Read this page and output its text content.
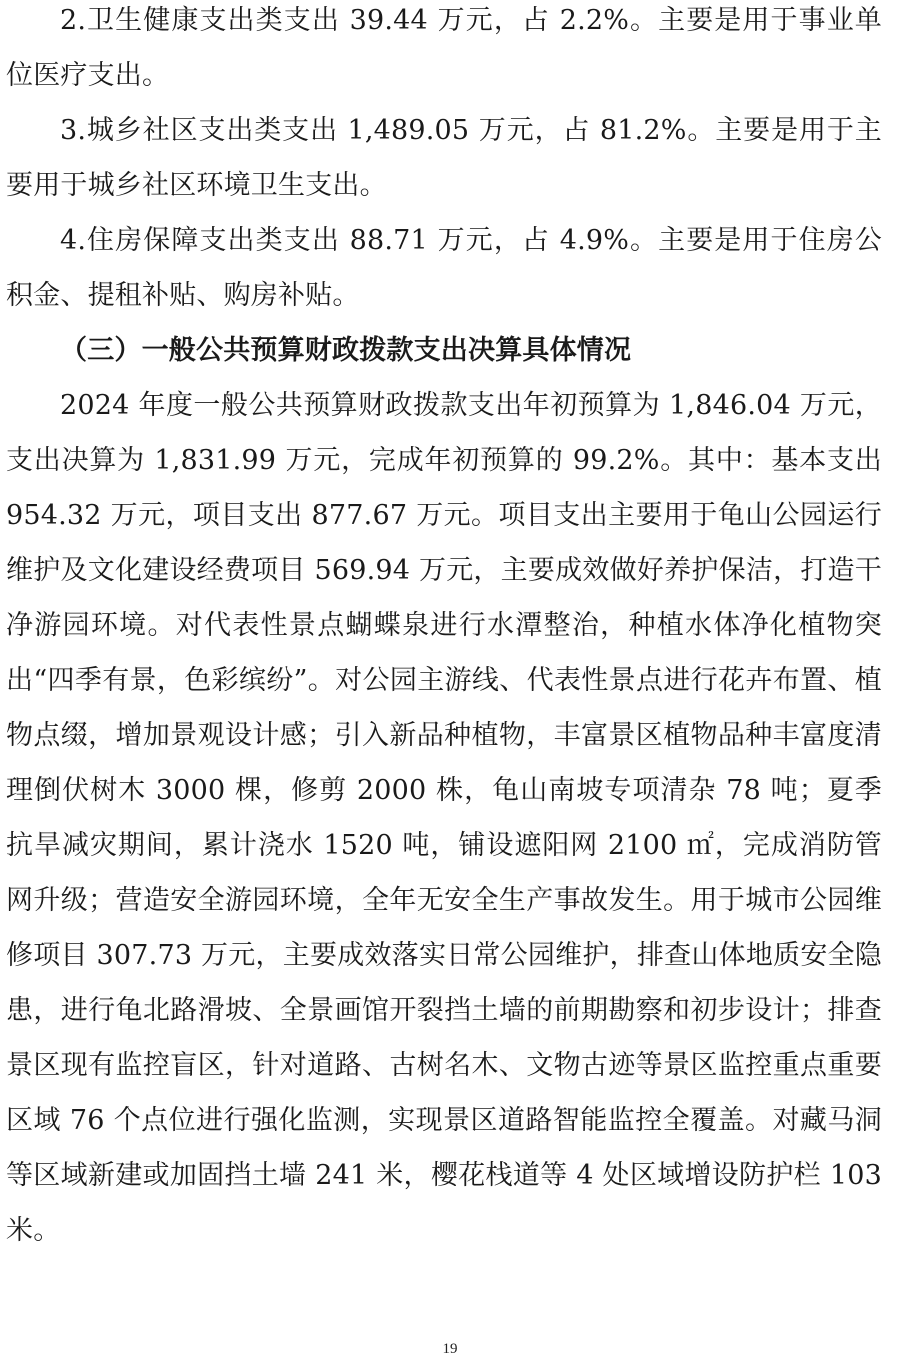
2.卫生健康支出类支出 39.44 万元，占 2.2%。主要是用于事业单位医疗支出。

3.城乡社区支出类支出 1,489.05 万元，占 81.2%。主要是用于主要用于城乡社区环境卫生支出。

4.住房保障支出类支出 88.71 万元，占 4.9%。主要是用于住房公积金、提租补贴、购房补贴。

（三）一般公共预算财政拨款支出决算具体情况

2024 年度一般公共预算财政拨款支出年初预算为 1,846.04 万元，支出决算为 1,831.99 万元，完成年初预算的 99.2%。其中：基本支出 954.32 万元，项目支出 877.67 万元。项目支出主要用于龟山公园运行维护及文化建设经费项目 569.94 万元，主要成效做好养护保洁，打造干净游园环境。对代表性景点蝴蝶泉进行水潭整治，种植水体净化植物突出“四季有景，色彩缤纷”。对公园主游线、代表性景点进行花卉布置、植物点缀，增加景观设计感；引入新品种植物，丰富景区植物品种丰富度清理倒伏树木 3000 棵，修剪 2000 株，龟山南坡专项清杂 78 吨；夏季抗旱减灾期间，累计浇水 1520 吨，铺设遮阳网 2100 ㎡，完成消防管网升级；营造安全游园环境，全年无安全生产事故发生。用于城市公园维修项目 307.73 万元，主要成效落实日常公园维护，排查山体地质安全隐患，进行龟北路滑坡、全景画馆开裂挡土墙的前期勘察和初步设计；排查景区现有监控盲区，针对道路、古树名木、文物古迹等景区监控重点重要区域 76 个点位进行强化监测，实现景区道路智能监控全覆盖。对藏马洞等区域新建或加固挡土墙 241 米，樱花栈道等 4 处区域增设防护栏 103 米。

19
